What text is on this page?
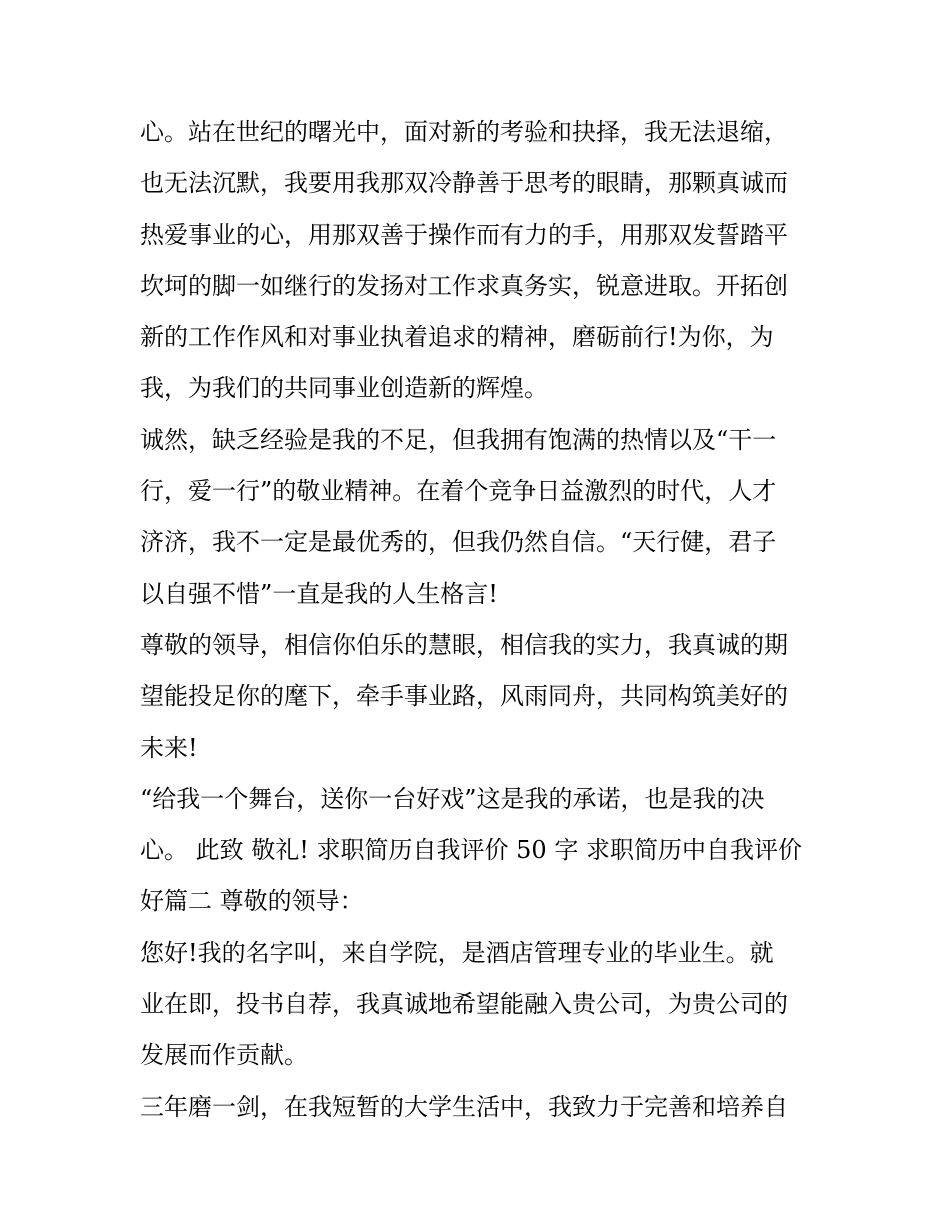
心。站在世纪的曙光中，面对新的考验和抉择，我无法退缩，
也无法沉默，我要用我那双冷静善于思考的眼睛，那颗真诚而
热爱事业的心，用那双善于操作而有力的手，用那双发誓踏平
坎坷的脚一如继行的发扬对工作求真务实，锐意进取。开拓创
新的工作作风和对事业执着追求的精神，磨砺前行!为你，为
我，为我们的共同事业创造新的辉煌。
诚然，缺乏经验是我的不足，但我拥有饱满的热情以及“干一
行，爱一行”的敬业精神。在着个竞争日益激烈的时代，人才
济济，我不一定是最优秀的，但我仍然自信。“天行健，君子
以自强不惜”一直是我的人生格言!
尊敬的领导，相信你伯乐的慧眼，相信我的实力，我真诚的期
望能投足你的麾下，牵手事业路，风雨同舟，共同构筑美好的
未来!
“给我一个舞台，送你一台好戏”这是我的承诺，也是我的决
心。 此致 敬礼! 求职简历自我评价 50 字 求职简历中自我评价
好篇二 尊敬的领导：
您好!我的名字叫，来自学院，是酒店管理专业的毕业生。就
业在即，投书自荐，我真诚地希望能融入贵公司，为贵公司的
发展而作贡献。
三年磨一剑，在我短暂的大学生活中，我致力于完善和培养自
